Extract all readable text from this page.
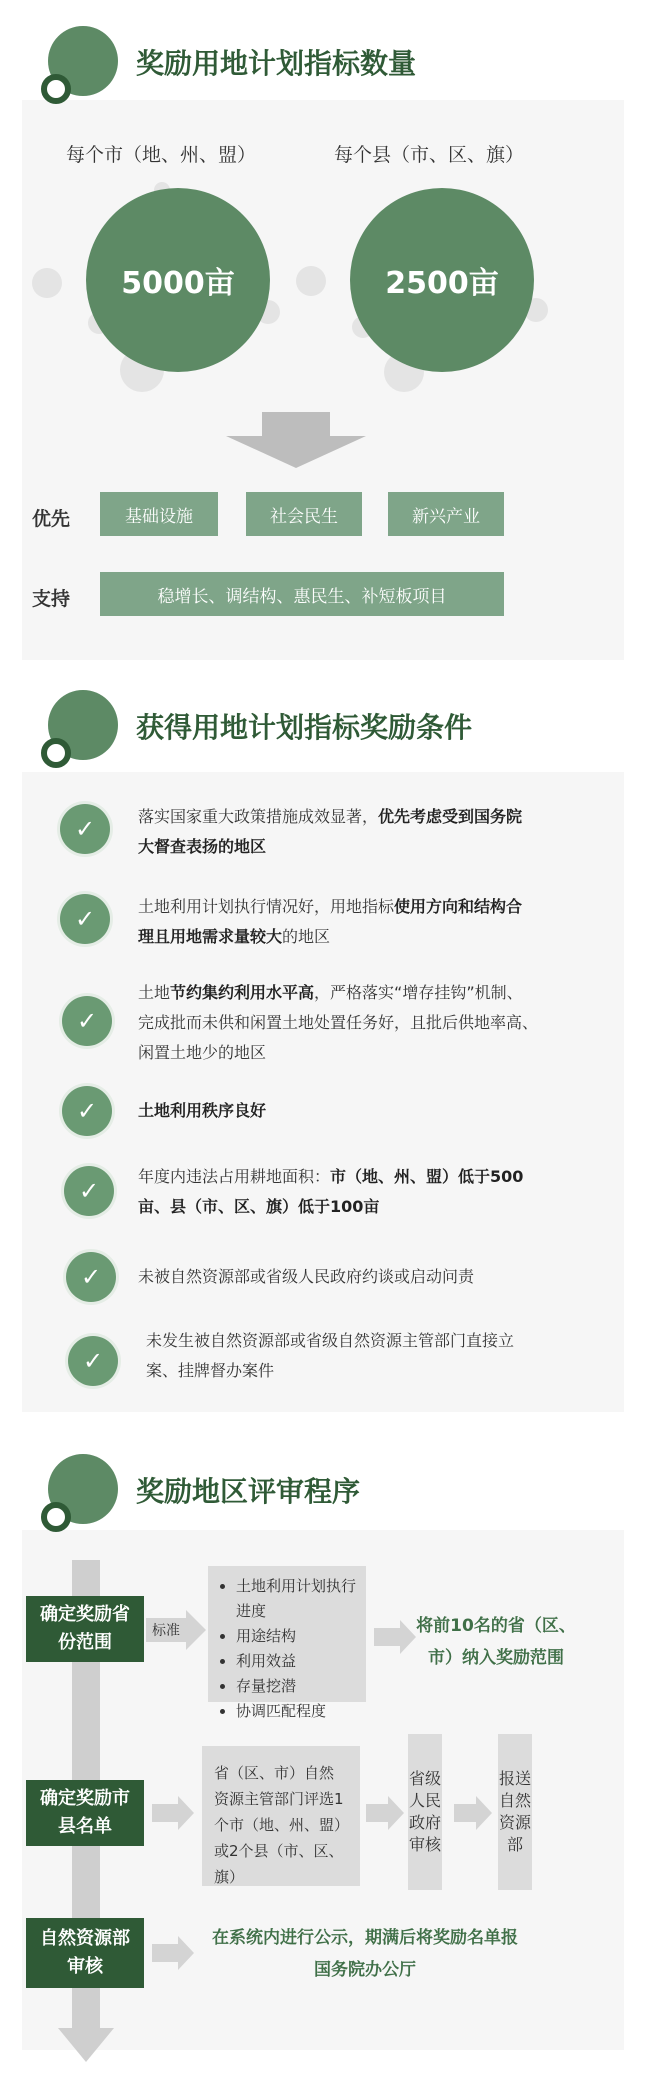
奖励用地计划指标数量
每个市（地、州、盟）	每个县（市、区、旗）
5000亩	2500亩
优先	基础设施	社会民生	新兴产业
支持	稳增长、调结构、惠民生、补短板项目
获得用地计划指标奖励条件
✓	落实国家重大政策措施成效显著，优先考虑受到国务院大督查表扬的地区
✓	土地利用计划执行情况好，用地指标使用方向和结构合理且用地需求量较大的地区
✓
土地节约集约利用水平高，严格落实“增存挂钩”机制、完成批而未供和闲置土地处置任务好，且批后供地率高、闲置土地少的地区
✓	土地利用秩序良好
✓
年度内违法占用耕地面积：市（地、州、盟）低于500亩、县（市、区、旗）低于100亩
✓	未被自然资源部或省级人民政府约谈或启动问责
✓
未发生被自然资源部或省级自然资源主管部门直接立案、挂牌督办案件
奖励地区评审程序
确定奖励省份范围
标准
• 土地利用计划执行进度
• 用途结构
• 利用效益
• 存量挖潜
• 协调匹配程度
将前10名的省（区、市）纳入奖励范围
确定奖励市县名单
省（区、市）自然资源主管部门评选1个市（地、州、盟）或2个县（市、区、旗）
省级人民政府审核
报送自然资源部
自然资源部审核
在系统内进行公示，期满后将奖励名单报国务院办公厅
